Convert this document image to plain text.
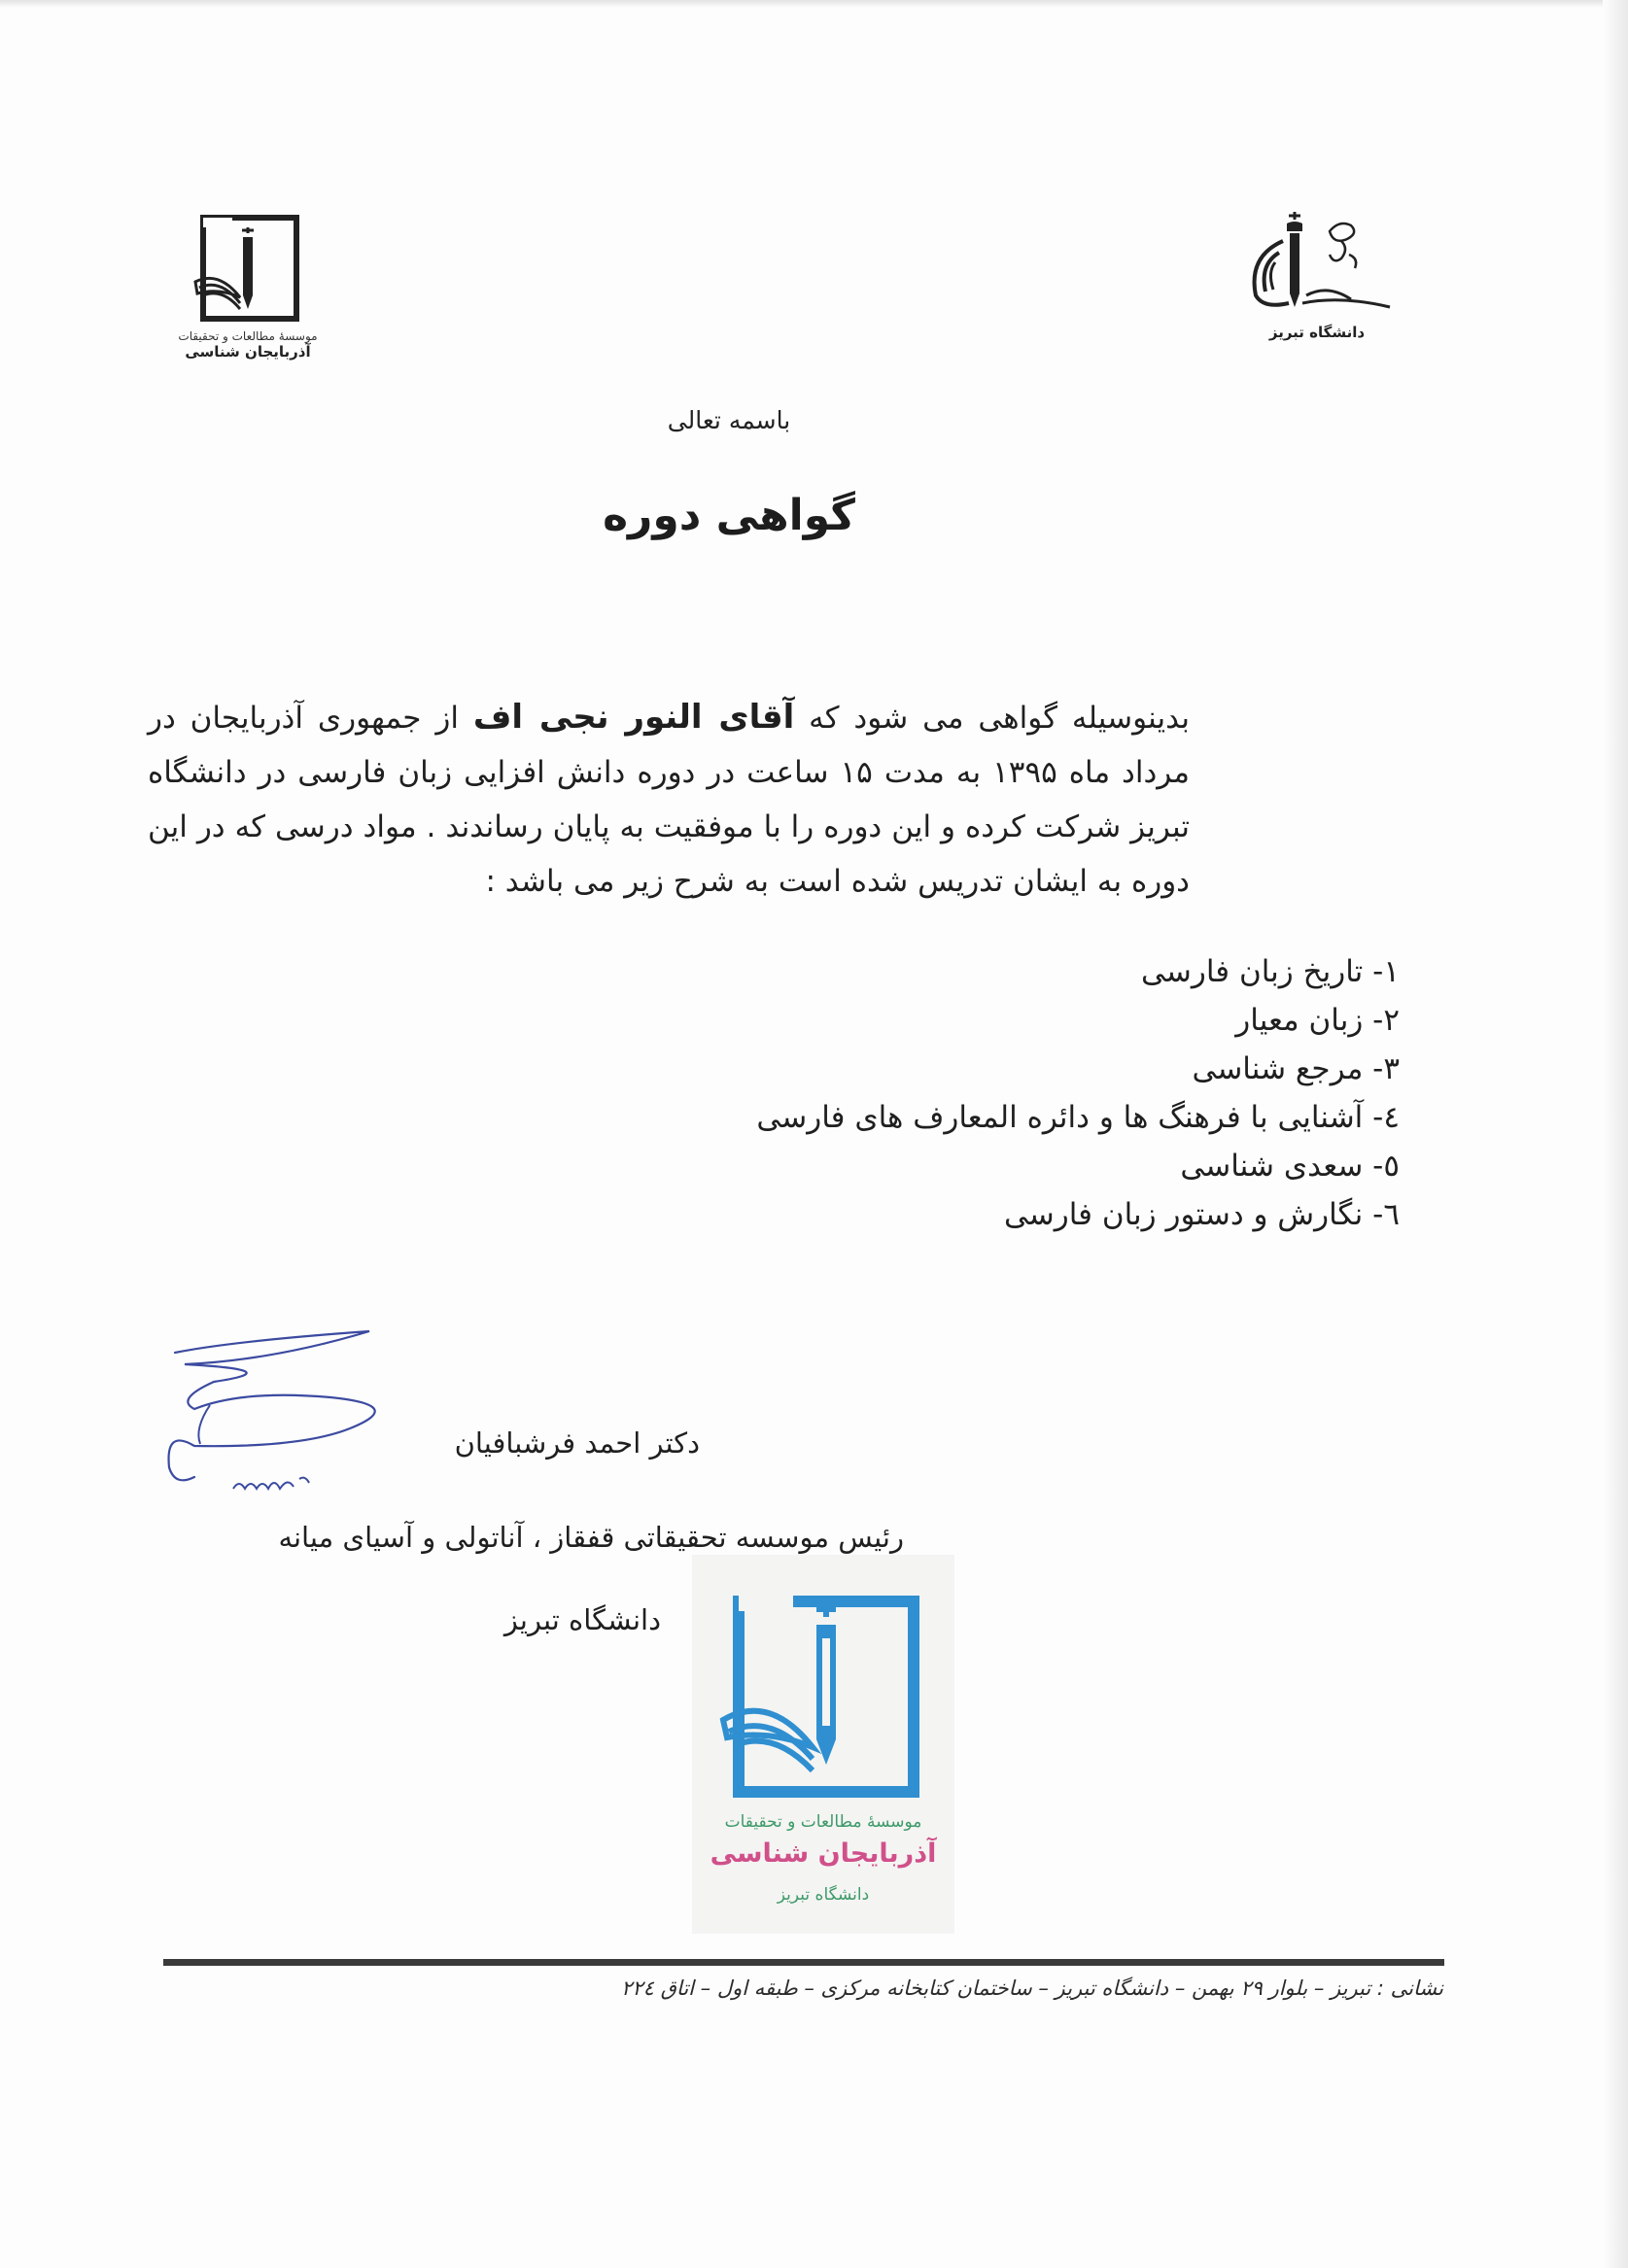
موسسهٔ مطالعات و تحقیقات
آذربایجان شناسی
دانشگاه تبریز
باسمه تعالی
گواهی دوره
بدینوسیله گواهی می شود که آقای النور نجی اف از جمهوری آذربایجان در مرداد ماه ۱۳۹۵ به مدت ۱۵ ساعت در دوره دانش افزایی زبان فارسی در دانشگاه تبریز شرکت کرده و این دوره را با موفقیت به پایان رساندند . مواد درسی که در این دوره به ایشان تدریس شده است به شرح زیر می باشد :
۱- تاریخ زبان فارسی
۲- زبان معیار
۳- مرجع شناسی
٤- آشنایی با فرهنگ ها و دائره المعارف های فارسی
٥- سعدی شناسی
٦- نگارش و دستور زبان فارسی
دکتر احمد فرشبافیان
رئیس موسسه تحقیقاتی قفقاز ، آناتولی و آسیای میانه
دانشگاه تبریز
موسسهٔ مطالعات و تحقیقات
آذربایجان شناسی
دانشگاه تبریز
نشانی : تبریز – بلوار ۲۹ بهمن – دانشگاه تبریز – ساختمان کتابخانه مرکزی – طبقه اول – اتاق ۲۲٤
